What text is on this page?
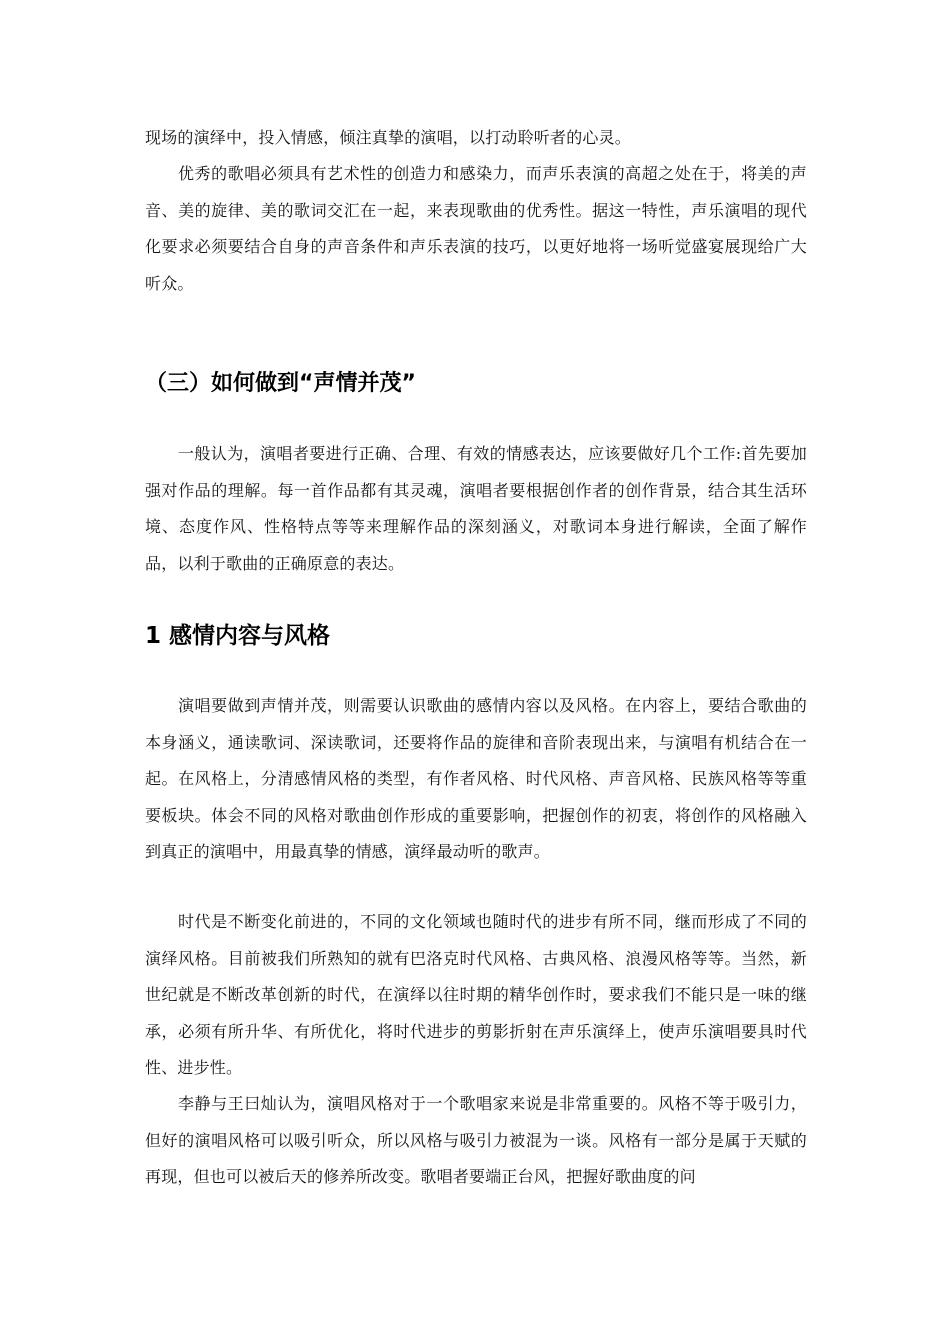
现场的演绎中，投入情感，倾注真挚的演唱，以打动聆听者的心灵。

优秀的歌唱必须具有艺术性的创造力和感染力，而声乐表演的高超之处在于，将美的声音、美的旋律、美的歌词交汇在一起，来表现歌曲的优秀性。据这一特性，声乐演唱的现代化要求必须要结合自身的声音条件和声乐表演的技巧，以更好地将一场听觉盛宴展现给广大听众。

（三）如何做到“声情并茂”

一般认为，演唱者要进行正确、合理、有效的情感表达，应该要做好几个工作:首先要加强对作品的理解。每一首作品都有其灵魂，演唱者要根据创作者的创作背景，结合其生活环境、态度作风、性格特点等等来理解作品的深刻涵义，对歌词本身进行解读，全面了解作品，以利于歌曲的正确原意的表达。

1 感情内容与风格

演唱要做到声情并茂，则需要认识歌曲的感情内容以及风格。在内容上，要结合歌曲的本身涵义，通读歌词、深读歌词，还要将作品的旋律和音阶表现出来，与演唱有机结合在一起。在风格上，分清感情风格的类型，有作者风格、时代风格、声音风格、民族风格等等重要板块。体会不同的风格对歌曲创作形成的重要影响，把握创作的初衷，将创作的风格融入到真正的演唱中，用最真挚的情感，演绎最动听的歌声。

时代是不断变化前进的，不同的文化领域也随时代的进步有所不同，继而形成了不同的演绎风格。目前被我们所熟知的就有巴洛克时代风格、古典风格、浪漫风格等等。当然，新世纪就是不断改革创新的时代，在演绎以往时期的精华创作时，要求我们不能只是一味的继承，必须有所升华、有所优化，将时代进步的剪影折射在声乐演绎上，使声乐演唱要具时代性、进步性。

李静与王曰灿认为，演唱风格对于一个歌唱家来说是非常重要的。风格不等于吸引力，但好的演唱风格可以吸引听众，所以风格与吸引力被混为一谈。风格有一部分是属于天赋的再现，但也可以被后天的修养所改变。歌唱者要端正台风，把握好歌曲度的问
